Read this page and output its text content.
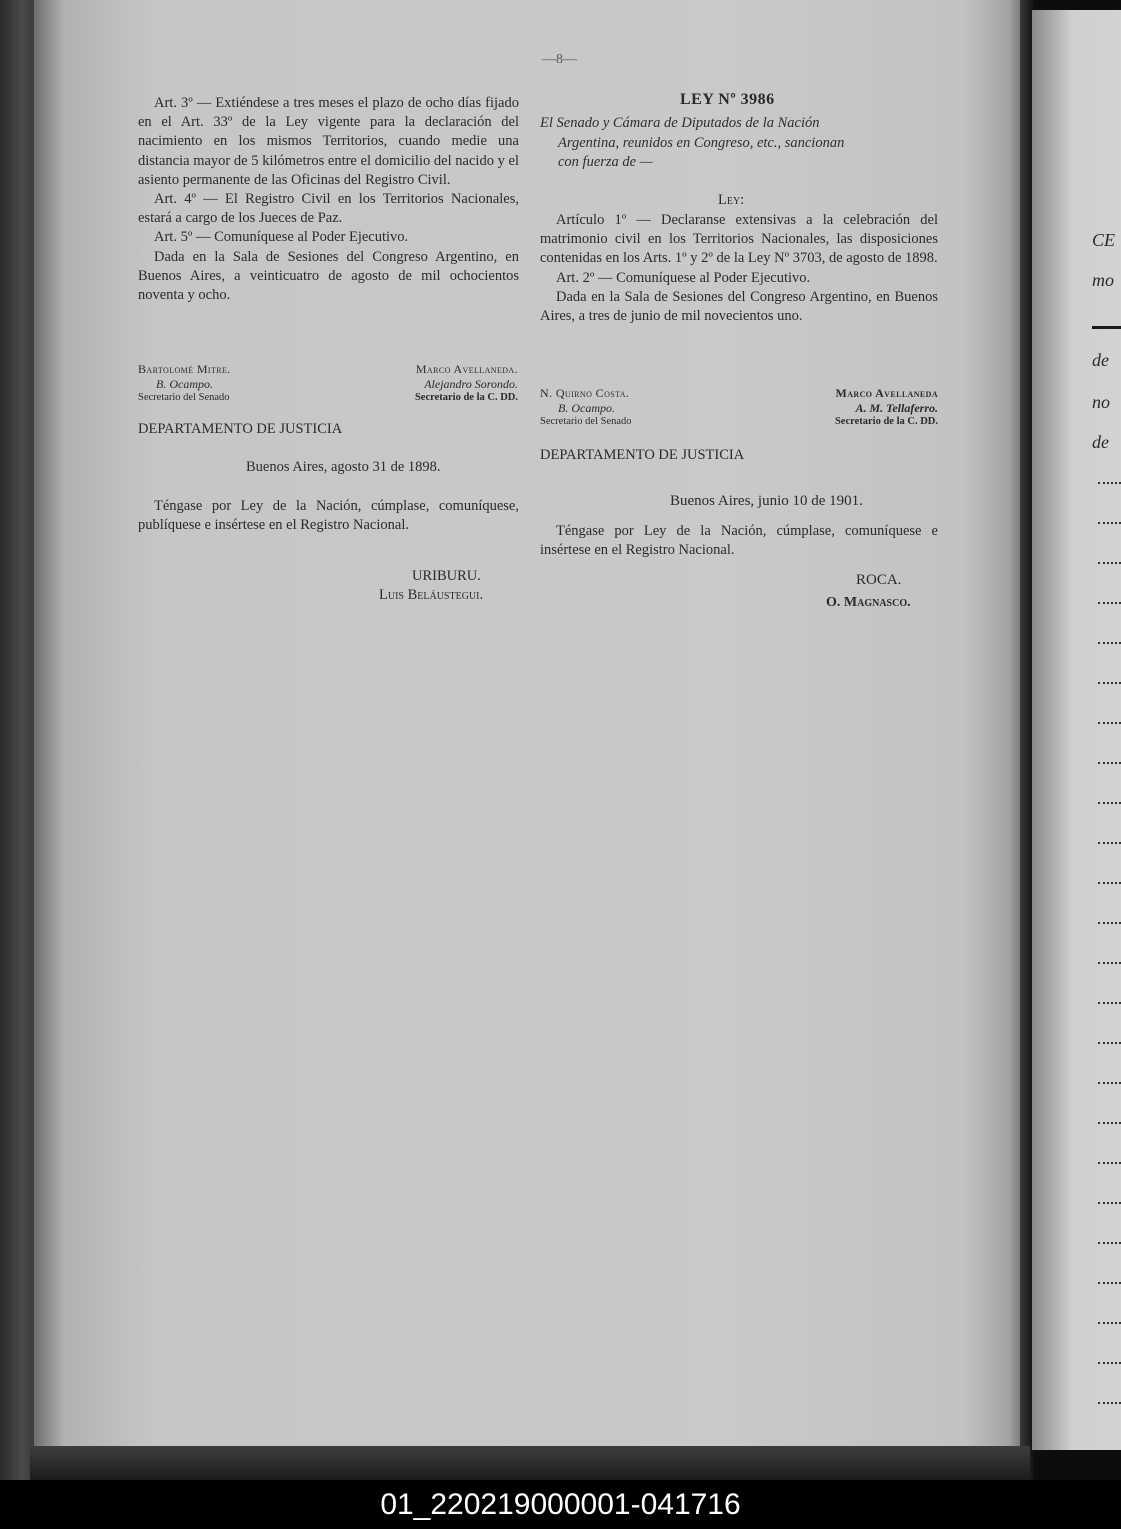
—8—

Art. 3º — Extiéndese a tres meses el plazo de ocho días fijado en el Art. 33º de la Ley vigente para la declaración del nacimiento en los mismos Territorios, cuando medie una distancia mayor de 5 kilómetros entre el domicilio del nacido y el asiento permanente de las Oficinas del Registro Civil.

Art. 4º — El Registro Civil en los Territorios Nacionales, estará a cargo de los Jueces de Paz.

Art. 5º — Comuníquese al Poder Ejecutivo.

Dada en la Sala de Sesiones del Congreso Argentino, en Buenos Aires, a veinticuatro de agosto de mil ochocientos noventa y ocho.

Bartolomé Mitre.
B. Ocampo.
Secretario del Senado
Marco Avellaneda.
Alejandro Sorondo.
Secretario de la C. DD.
DEPARTAMENTO DE JUSTICIA
Buenos Aires, agosto 31 de 1898.

Téngase por Ley de la Nación, cúmplase, comuníquese, publíquese e insértese en el Registro Nacional.

URIBURU.
Luis Beláustegui.
LEY Nº 3986
El Senado y Cámara de Diputados de la Nación
Argentina, reunidos en Congreso, etc., sancionan
con fuerza de —
Ley:

Artículo 1º — Declaranse extensivas a la celebración del matrimonio civil en los Territorios Nacionales, las disposiciones contenidas en los Arts. 1º y 2º de la Ley Nº 3703, de agosto de 1898.

Art. 2º — Comuníquese al Poder Ejecutivo.

Dada en la Sala de Sesiones del Congreso Argentino, en Buenos Aires, a tres de junio de mil novecientos uno.

N. Quirno Costa.
B. Ocampo.
Secretario del Senado
Marco Avellaneda
A. M. Tellaferro.
Secretario de la C. DD.
DEPARTAMENTO DE JUSTICIA
Buenos Aires, junio 10 de 1901.

Téngase por Ley de la Nación, cúmplase, comuníquese e insértese en el Registro Nacional.

ROCA.
O. Magnasco.
CE
mo
de
no
de
01_220219000001-041716
